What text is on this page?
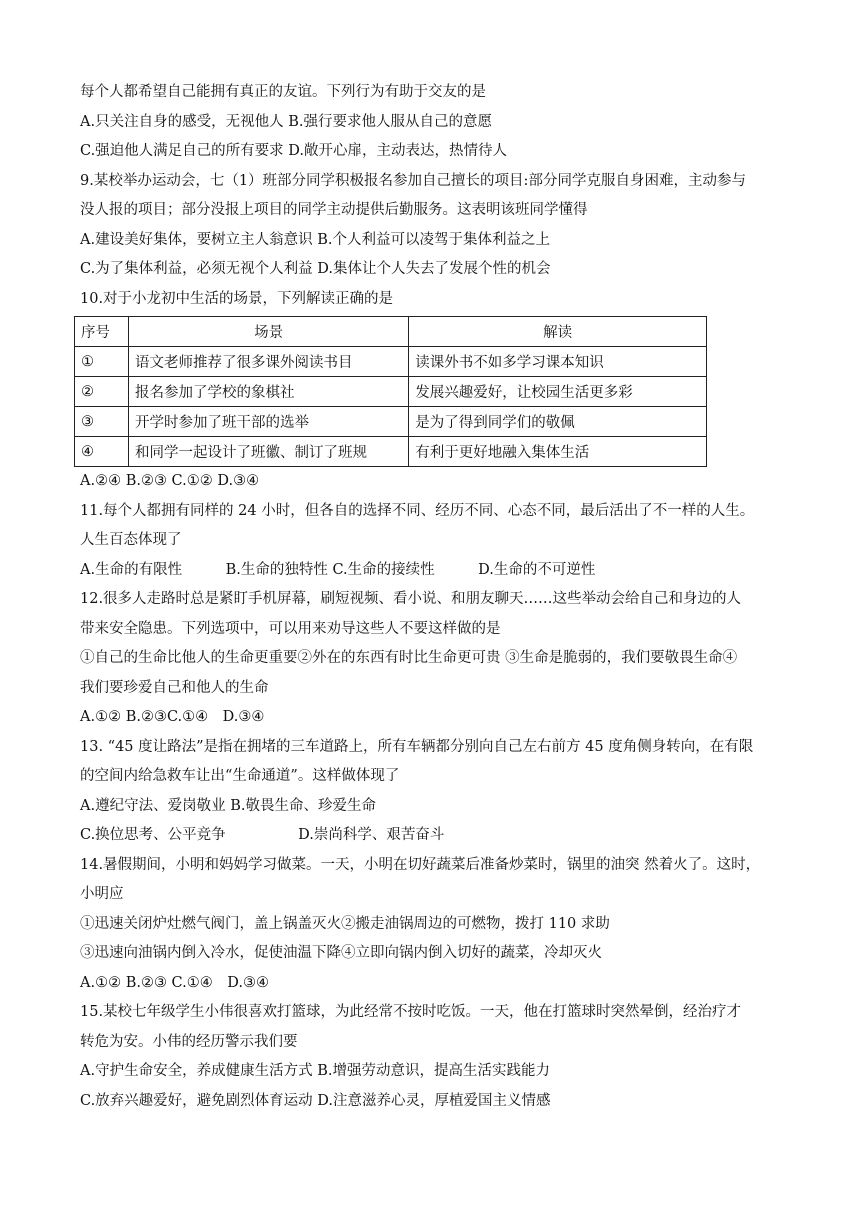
每个人都希望自己能拥有真正的友谊。下列行为有助于交友的是
A.只关注自身的感受，无视他人 B.强行要求他人服从自己的意愿
C.强迫他人满足自己的所有要求 D.敞开心扉，主动表达，热情待人
9.某校举办运动会，七（1）班部分同学积极报名参加自己擅长的项目:部分同学克服自身困难，主动参与
没人报的项目；部分没报上项目的同学主动提供后勤服务。这表明该班同学懂得
A.建设美好集体，要树立主人翁意识 B.个人利益可以凌驾于集体利益之上
C.为了集体利益，必须无视个人利益 D.集体让个人失去了发展个性的机会
10.对于小龙初中生活的场景，下列解读正确的是
序号	场景	解读
①	语文老师推荐了很多课外阅读书目	读课外书不如多学习课本知识
②	报名参加了学校的象棋社	发展兴趣爱好，让校园生活更多彩
③	开学时参加了班干部的选举	是为了得到同学们的敬佩
④	和同学一起设计了班徽、制订了班规	有利于更好地融入集体生活
A.②④ B.②③ C.①② D.③④
11.每个人都拥有同样的 24 小时，但各自的选择不同、经历不同、心态不同，最后活出了不一样的人生。
人生百态体现了
A.生命的有限性　　　B.生命的独特性 C.生命的接续性　　　D.生命的不可逆性
12.很多人走路时总是紧盯手机屏幕，刷短视频、看小说、和朋友聊天……这些举动会给自己和身边的人
带来安全隐患。下列选项中，可以用来劝导这些人不要这样做的是
①自己的生命比他人的生命更重要②外在的东西有时比生命更可贵 ③生命是脆弱的，我们要敬畏生命④
我们要珍爱自己和他人的生命
A.①② B.②③C.①④　D.③④
13. “45 度让路法”是指在拥堵的三车道路上，所有车辆都分别向自己左右前方 45 度角侧身转向，在有限
的空间内给急救车让出“生命通道”。这样做体现了
A.遵纪守法、爱岗敬业 B.敬畏生命、珍爱生命
C.换位思考、公平竞争　　　　　D.崇尚科学、艰苦奋斗
14.暑假期间，小明和妈妈学习做菜。一天，小明在切好蔬菜后准备炒菜时，锅里的油突 然着火了。这时，
小明应
①迅速关闭炉灶燃气阀门，盖上锅盖灭火②搬走油锅周边的可燃物，拨打 110 求助
③迅速向油锅内倒入冷水，促使油温下降④立即向锅内倒入切好的蔬菜，冷却灭火
A.①② B.②③ C.①④　D.③④
15.某校七年级学生小伟很喜欢打篮球，为此经常不按时吃饭。一天，他在打篮球时突然晕倒，经治疗才
转危为安。小伟的经历警示我们要
A.守护生命安全，养成健康生活方式 B.增强劳动意识，提高生活实践能力
C.放弃兴趣爱好，避免剧烈体育运动 D.注意滋养心灵，厚植爱国主义情感
